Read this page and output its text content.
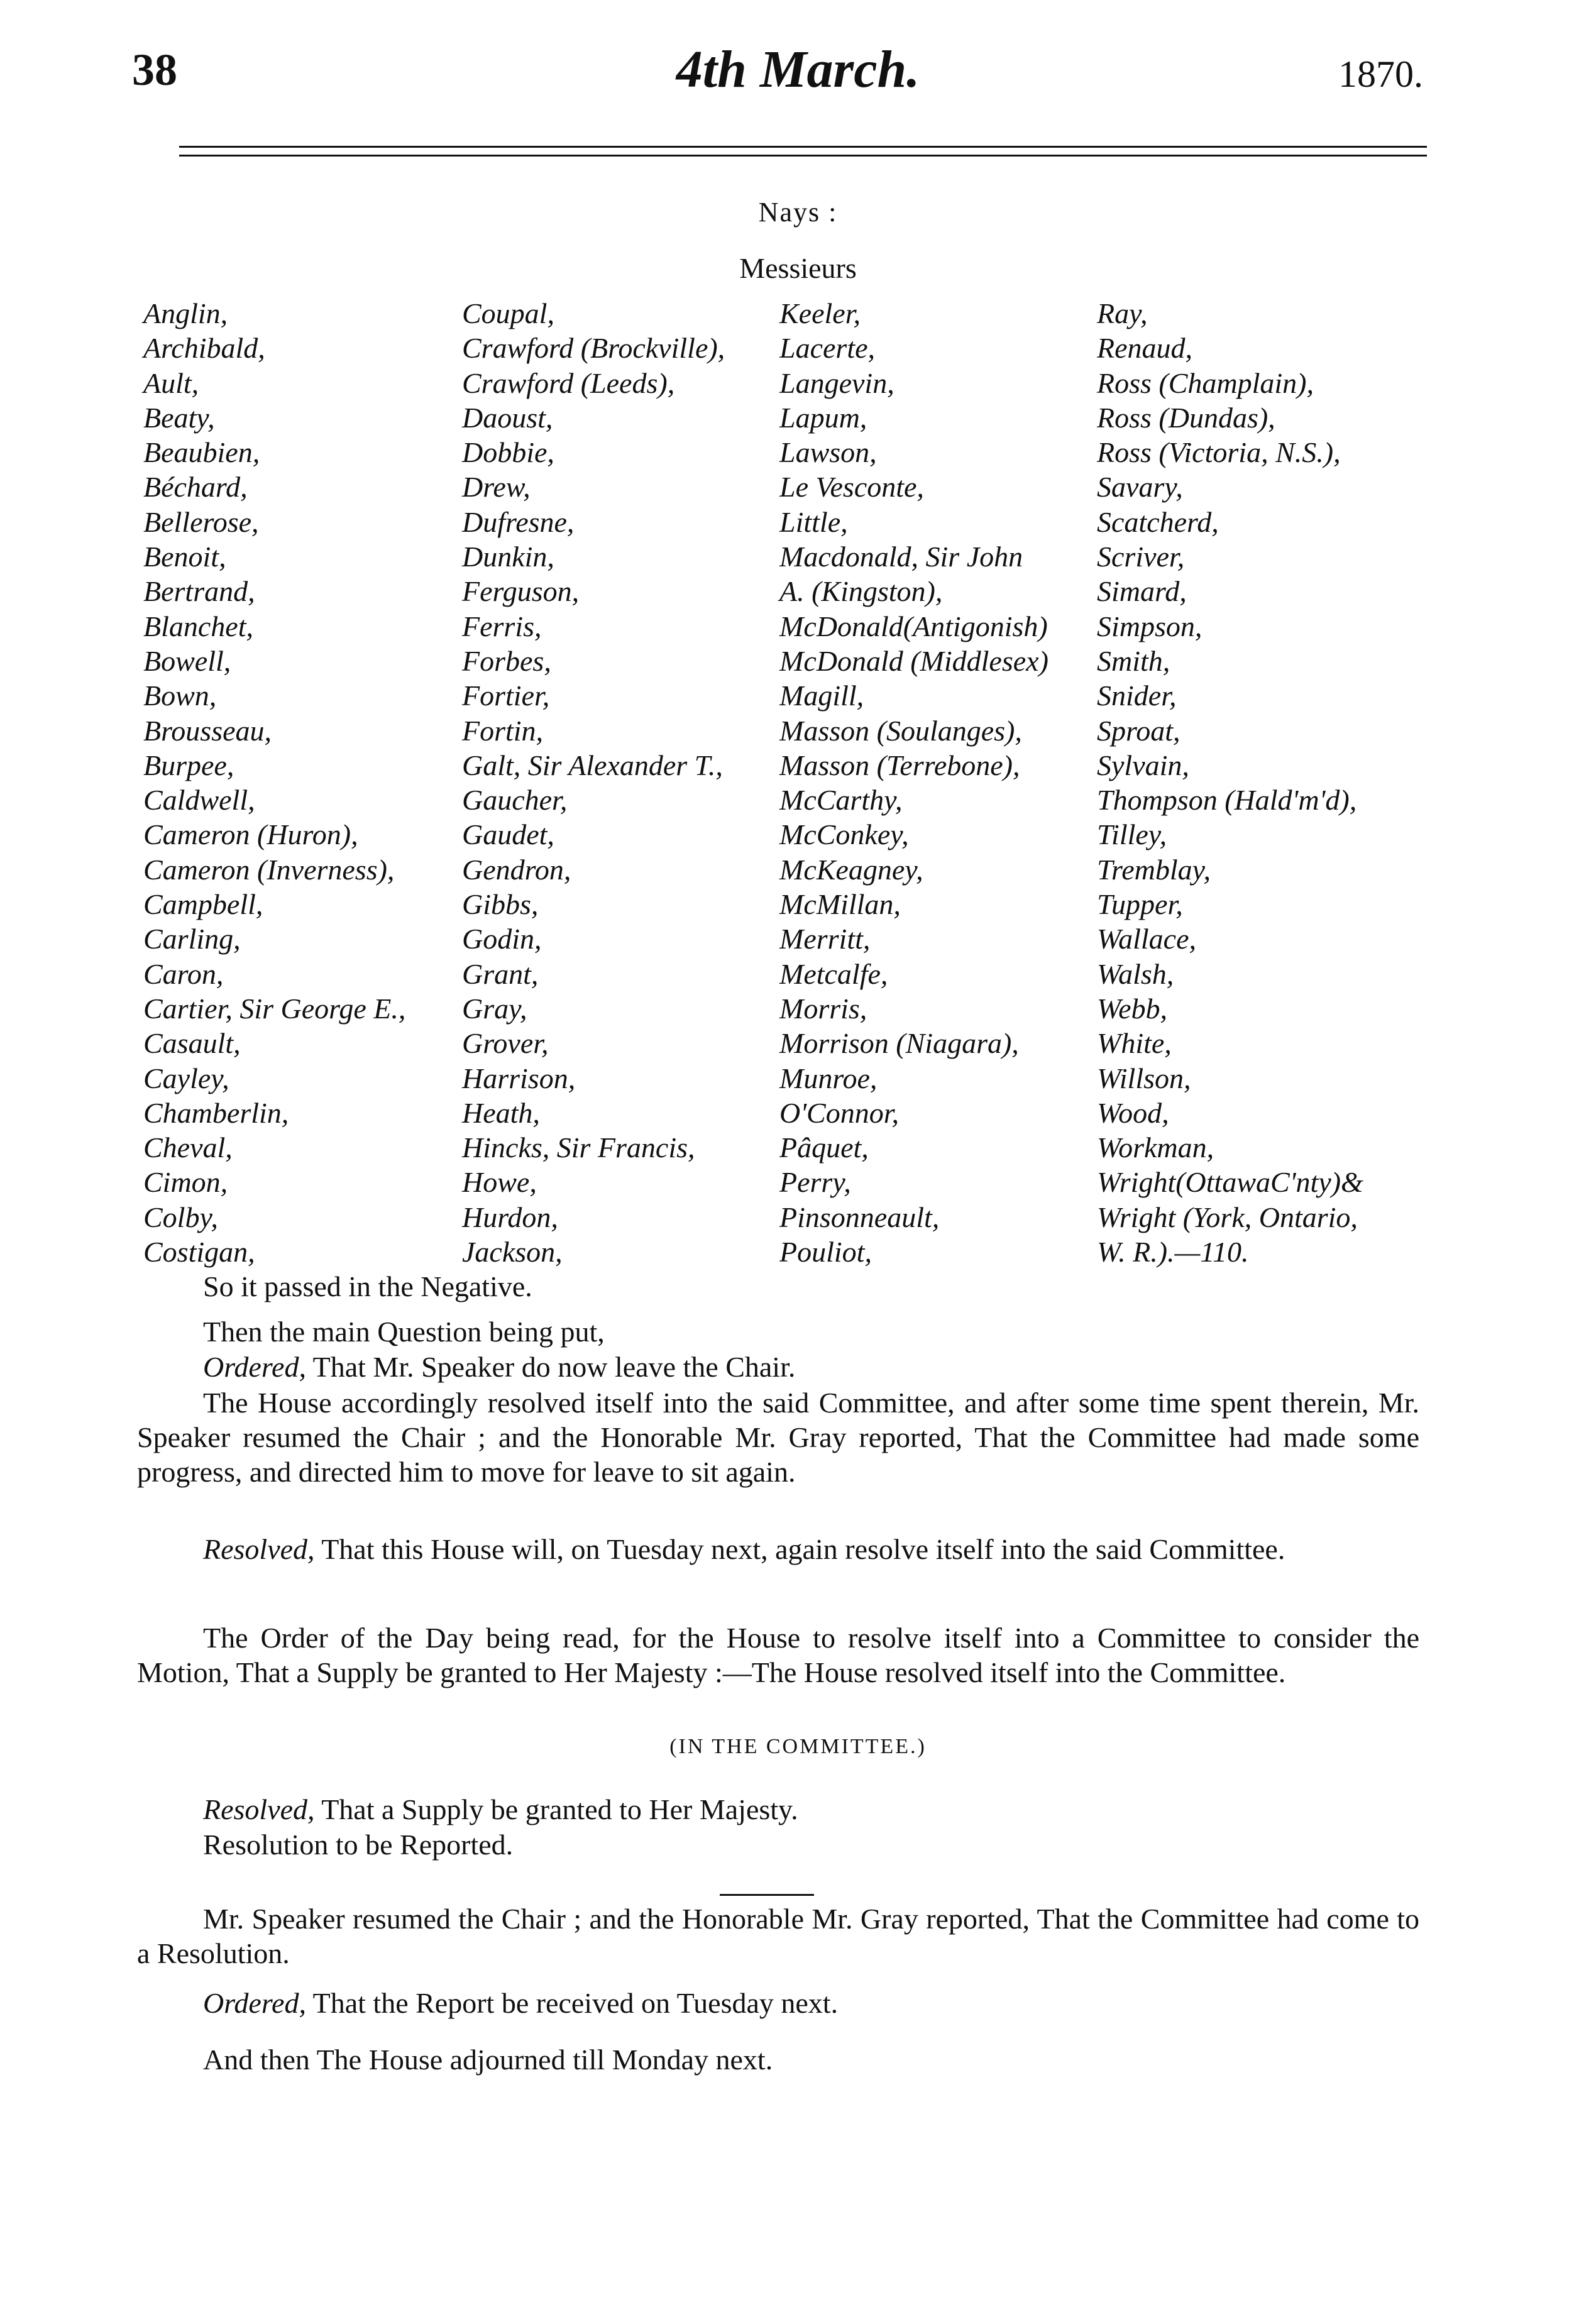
38	4th March.	1870.
Nays :
Messieurs
Anglin,
Archibald,
Ault,
Beaty,
Beaubien,
Béchard,
Bellerose,
Benoit,
Bertrand,
Blanchet,
Bowell,
Bown,
Brousseau,
Burpee,
Caldwell,
Cameron (Huron),
Cameron (Inverness),
Campbell,
Carling,
Caron,
Cartier, Sir George E.,
Casault,
Cayley,
Chamberlin,
Cheval,
Cimon,
Colby,
Costigan,
Coupal,
Crawford (Brockville),
Crawford (Leeds),
Daoust,
Dobbie,
Drew,
Dufresne,
Dunkin,
Ferguson,
Ferris,
Forbes,
Fortier,
Fortin,
Galt, Sir Alexander T.,
Gaucher,
Gaudet,
Gendron,
Gibbs,
Godin,
Grant,
Gray,
Grover,
Harrison,
Heath,
Hincks, Sir Francis,
Howe,
Hurdon,
Jackson,
Keeler,
Lacerte,
Langevin,
Lapum,
Lawson,
Le Vesconte,
Little,
Macdonald, Sir John
A. (Kingston),
McDonald(Antigonish)
McDonald (Middlesex)
Magill,
Masson (Soulanges),
Masson (Terrebone),
McCarthy,
McConkey,
McKeagney,
McMillan,
Merritt,
Metcalfe,
Morris,
Morrison (Niagara),
Munroe,
O'Connor,
Pâquet,
Perry,
Pinsonneault,
Pouliot,
Ray,
Renaud,
Ross (Champlain),
Ross (Dundas),
Ross (Victoria, N.S.),
Savary,
Scatcherd,
Scriver,
Simard,
Simpson,
Smith,
Snider,
Sproat,
Sylvain,
Thompson (Hald'm'd),
Tilley,
Tremblay,
Tupper,
Wallace,
Walsh,
Webb,
White,
Willson,
Wood,
Workman,
Wright(OttawaC'nty)&
Wright (York, Ontario,
W. R.).—110.
So it passed in the Negative.
Then the main Question being put,
Ordered, That Mr. Speaker do now leave the Chair.
The House accordingly resolved itself into the said Committee, and after some time spent therein, Mr. Speaker resumed the Chair ; and the Honorable Mr. Gray reported, That the Committee had made some progress, and directed him to move for leave to sit again.
Resolved, That this House will, on Tuesday next, again resolve itself into the said Committee.
The Order of the Day being read, for the House to resolve itself into a Committee to consider the Motion, That a Supply be granted to Her Majesty :—The House resolved itself into the Committee.
(IN THE COMMITTEE.)
Resolved, That a Supply be granted to Her Majesty.
Resolution to be Reported.
Mr. Speaker resumed the Chair ; and the Honorable Mr. Gray reported, That the Committee had come to a Resolution.
Ordered, That the Report be received on Tuesday next.
And then The House adjourned till Monday next.
